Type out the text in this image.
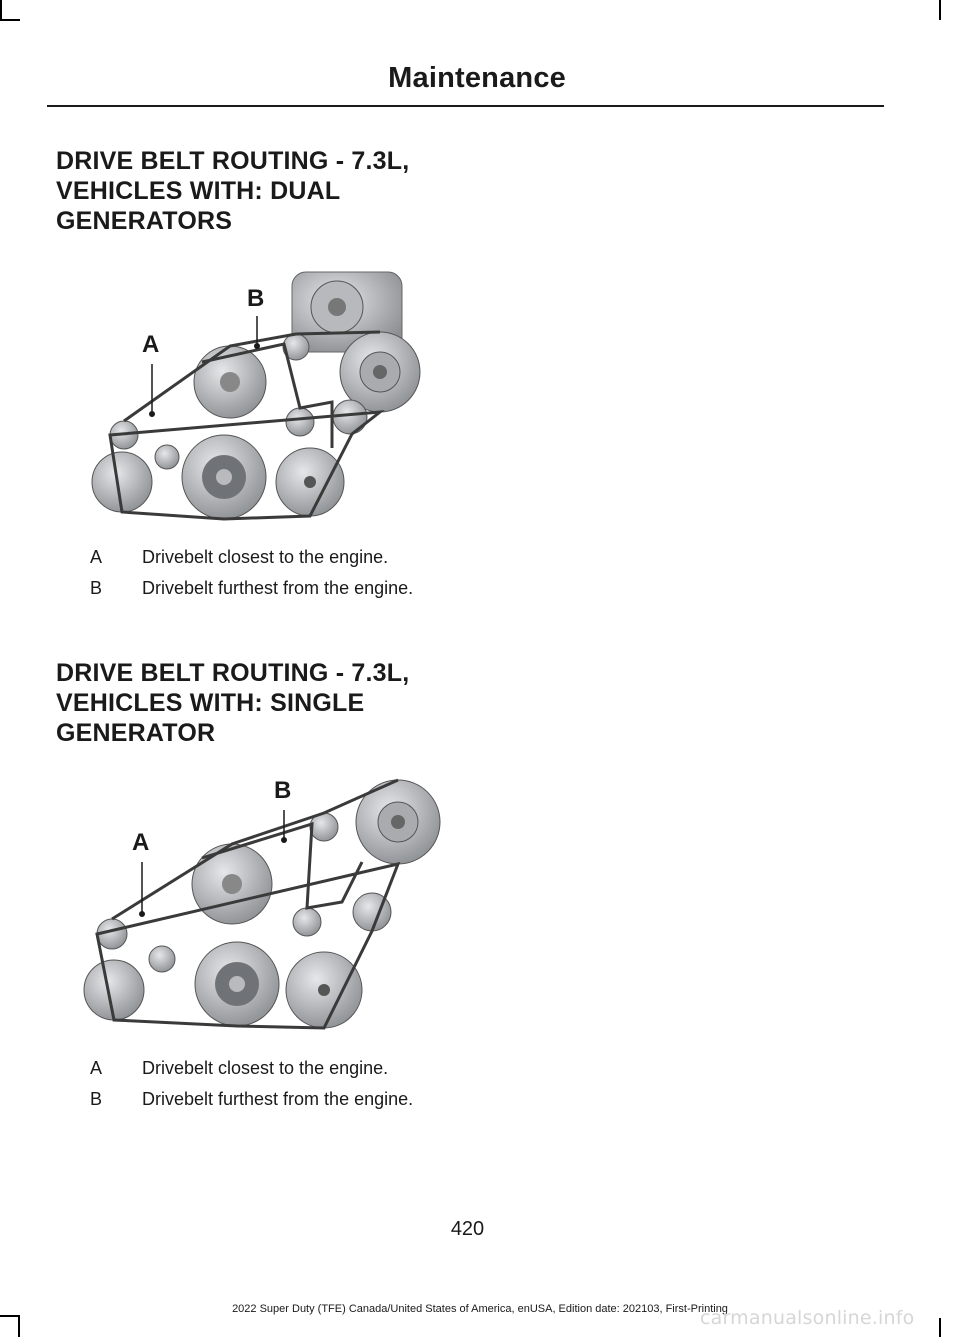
Maintenance
DRIVE BELT ROUTING - 7.3L,
VEHICLES WITH: DUAL
GENERATORS
A
B
A	Drivebelt closest to the engine.
B	Drivebelt furthest from the engine.
DRIVE BELT ROUTING - 7.3L,
VEHICLES WITH: SINGLE
GENERATOR
A
B
A	Drivebelt closest to the engine.
B	Drivebelt furthest from the engine.
420
2022 Super Duty (TFE) Canada/United States of America, enUSA, Edition date: 202103, First-Printing
carmanualsonline.info
